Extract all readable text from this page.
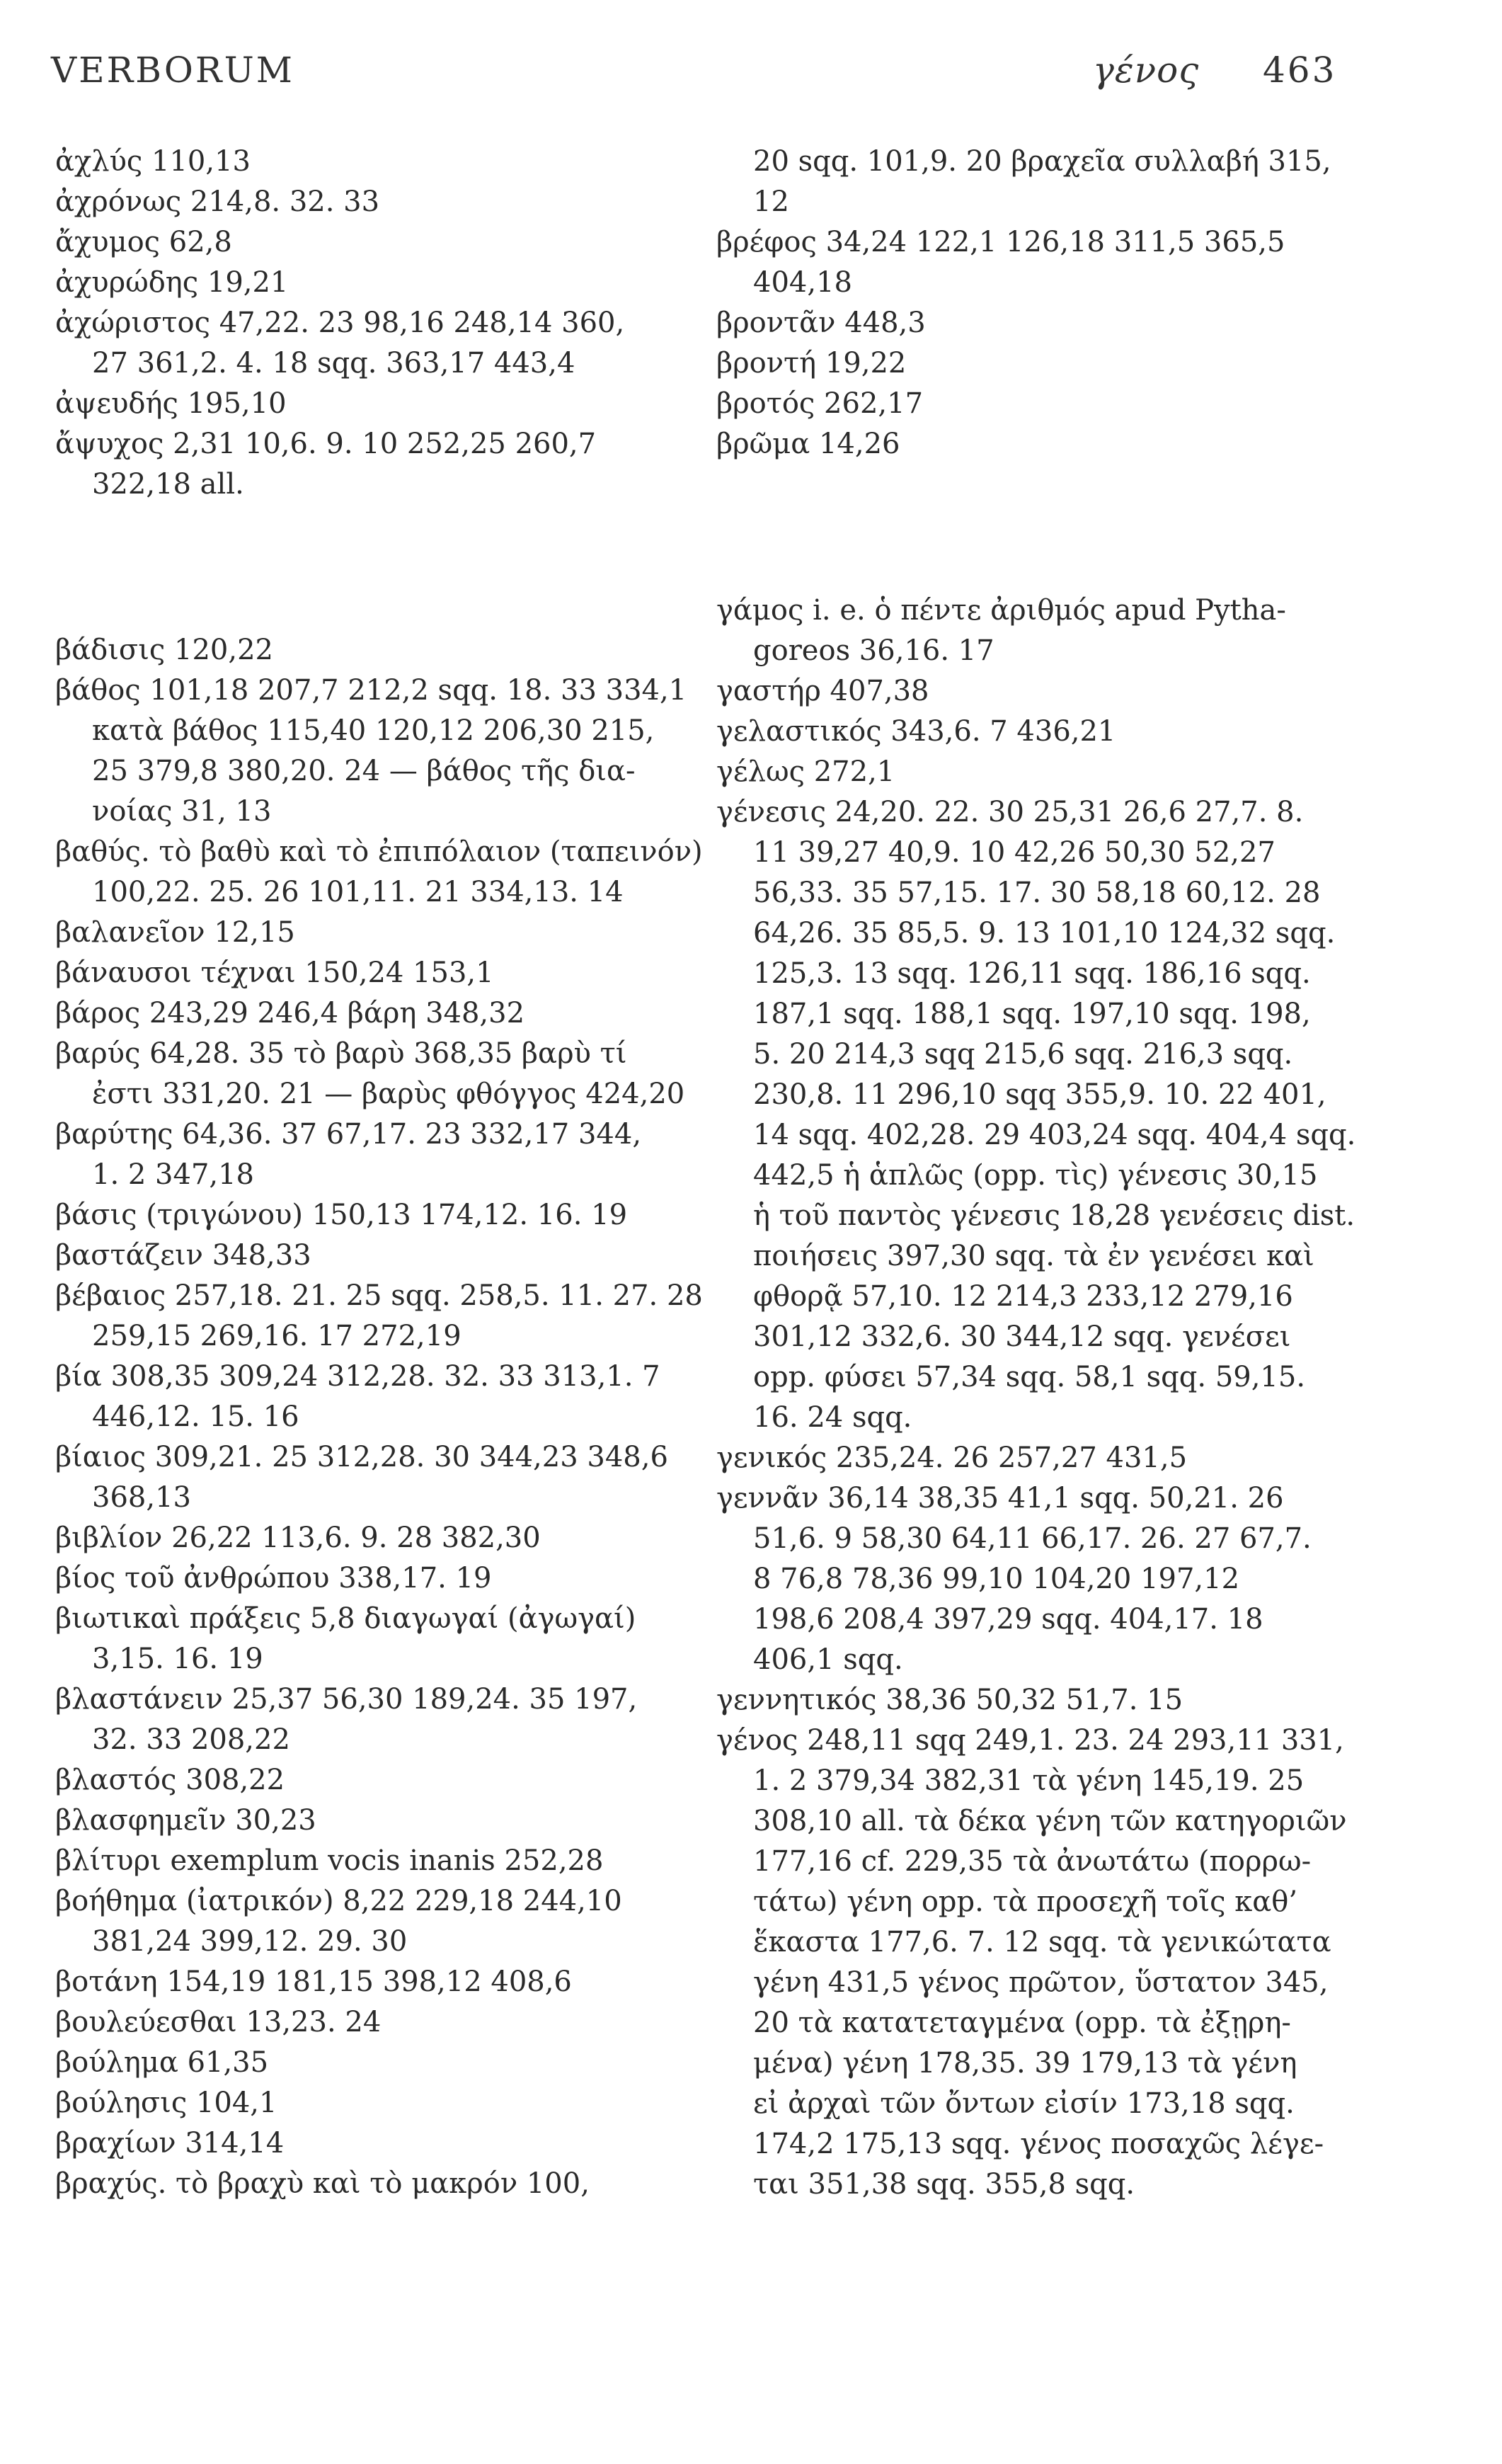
VERBORUM	γένος 463

ἀχλύς 110,13

ἀχρόνως 214,8. 32. 33

ἄχυμος 62,8

ἀχυρώδης 19,21

ἀχώριστος 47,22. 23 98,16 248,14 360,

27 361,2. 4. 18 sqq. 363,17 443,4

ἀψευδής 195,10

ἄψυχος 2,31 10,6. 9. 10 252,25 260,7

322,18 all.

βάδισις 120,22

βάθος 101,18 207,7 212,2 sqq. 18. 33 334,1

κατὰ βάθος 115,40 120,12 206,30 215,

25 379,8 380,20. 24 — βάθος τῆς δια-

νοίας 31, 13

βαθύς. τὸ βαθὺ καὶ τὸ ἐπιπόλαιον (ταπεινόν)

100,22. 25. 26 101,11. 21 334,13. 14

βαλανεῖον 12,15

βάναυσοι τέχναι 150,24 153,1

βάρος 243,29 246,4 βάρη 348,32

βαρύς 64,28. 35 τὸ βαρὺ 368,35 βαρὺ τί

ἐστι 331,20. 21 — βαρὺς φθόγγος 424,20

βαρύτης 64,36. 37 67,17. 23 332,17 344,

1. 2 347,18

βάσις (τριγώνου) 150,13 174,12. 16. 19

βαστάζειν 348,33

βέβαιος 257,18. 21. 25 sqq. 258,5. 11. 27. 28

259,15 269,16. 17 272,19

βία 308,35 309,24 312,28. 32. 33 313,1. 7

446,12. 15. 16

βίαιος 309,21. 25 312,28. 30 344,23 348,6

368,13

βιβλίον 26,22 113,6. 9. 28 382,30

βίος τοῦ ἀνθρώπου 338,17. 19

βιωτικαὶ πράξεις 5,8 διαγωγαί (ἀγωγαί)

3,15. 16. 19

βλαστάνειν 25,37 56,30 189,24. 35 197,

32. 33 208,22

βλαστός 308,22

βλασφημεῖν 30,23

βλίτυρι exemplum vocis inanis 252,28

βοήθημα (ἰατρικόν) 8,22 229,18 244,10

381,24 399,12. 29. 30

βοτάνη 154,19 181,15 398,12 408,6

βουλεύεσθαι 13,23. 24

βούλημα 61,35

βούλησις 104,1

βραχίων 314,14

βραχύς. τὸ βραχὺ καὶ τὸ μακρόν 100,

20 sqq. 101,9. 20 βραχεῖα συλλαβή 315,

12

βρέφος 34,24 122,1 126,18 311,5 365,5

404,18

βροντᾶν 448,3

βροντή 19,22

βροτός 262,17

βρῶμα 14,26

γάμος i. e. ὁ πέντε ἀριθμός apud Pytha-

goreos 36,16. 17

γαστήρ 407,38

γελαστικός 343,6. 7 436,21

γέλως 272,1

γένεσις 24,20. 22. 30 25,31 26,6 27,7. 8.

11 39,27 40,9. 10 42,26 50,30 52,27

56,33. 35 57,15. 17. 30 58,18 60,12. 28

64,26. 35 85,5. 9. 13 101,10 124,32 sqq.

125,3. 13 sqq. 126,11 sqq. 186,16 sqq.

187,1 sqq. 188,1 sqq. 197,10 sqq. 198,

5. 20 214,3 sqq 215,6 sqq. 216,3 sqq.

230,8. 11 296,10 sqq 355,9. 10. 22 401,

14 sqq. 402,28. 29 403,24 sqq. 404,4 sqq.

442,5 ἡ ἁπλῶς (opp. τὶς) γένεσις 30,15

ἡ τοῦ παντὸς γένεσις 18,28 γενέσεις dist.

ποιήσεις 397,30 sqq. τὰ ἐν γενέσει καὶ

φθορᾷ 57,10. 12 214,3 233,12 279,16

301,12 332,6. 30 344,12 sqq. γενέσει

opp. φύσει 57,34 sqq. 58,1 sqq. 59,15.

16. 24 sqq.

γενικός 235,24. 26 257,27 431,5

γεννᾶν 36,14 38,35 41,1 sqq. 50,21. 26

51,6. 9 58,30 64,11 66,17. 26. 27 67,7.

8 76,8 78,36 99,10 104,20 197,12

198,6 208,4 397,29 sqq. 404,17. 18

406,1 sqq.

γεννητικός 38,36 50,32 51,7. 15

γένος 248,11 sqq 249,1. 23. 24 293,11 331,

1. 2 379,34 382,31 τὰ γένη 145,19. 25

308,10 all. τὰ δέκα γένη τῶν κατηγοριῶν

177,16 cf. 229,35 τὰ ἀνωτάτω (πορρω-

τάτω) γένη opp. τὰ προσεχῆ τοῖς καθ’

ἕκαστα 177,6. 7. 12 sqq. τὰ γενικώτατα

γένη 431,5 γένος πρῶτον, ὕστατον 345,

20 τὰ κατατεταγμένα (opp. τὰ ἐξῃρη-

μένα) γένη 178,35. 39 179,13 τὰ γένη

εἰ ἀρχαὶ τῶν ὄντων εἰσίν 173,18 sqq.

174,2 175,13 sqq. γένος ποσαχῶς λέγε-

ται 351,38 sqq. 355,8 sqq.
